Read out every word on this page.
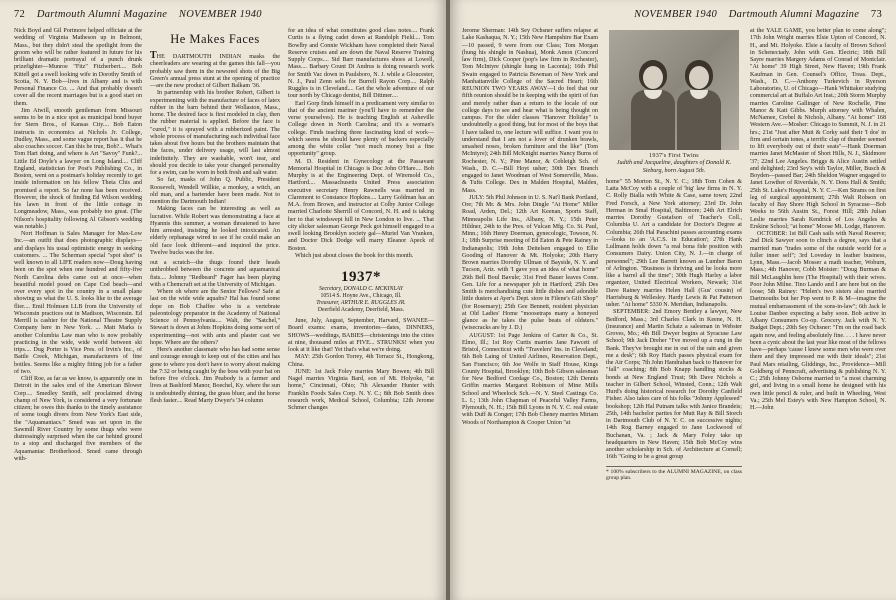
72 Dartmouth Alumni Magazine NOVEMBER 1940

Nick Boyd and Gil Portmore helped officiate at the wedding of Virginia Matheson up in Belmont, Mass., but they didn't steal the spotlight from the groom who will be rather featured in future for his brilliant dramatic portrayal of a punch drunk prizefighter—Munroe "Fitz" Fitzherbert.... Bob Kittell got a swell looking wife in Dorothy Smith of Scotia, N. Y. Bob—lives in Albany and is with Personal Finance Co. ... And that probably doesn't cover all the recent marriages but is a good start on them.

Jim Atwill, smooth gentleman from Missouri seems to be in a nice spot as municipal bond buyer for Stern Bros., of Kansas City.... Bob Eaton instructs in economics at Nichols Jr. College, Dudley, Mass., and some vague report has it that he also coaches soccer. Can this be true, Bob?... What's Tom Hart doing, and where is Art "Savoy" Funk?... Little Ed Doyle's a lawyer on Long Island.... Cliff England, statistician for Post's Publishing Co., in Boston, went on a postman's holiday recently to get inside information on his fellow Theta Chis and promised a report. So far none has been received. However, the shock of finding Ed Wilson wedding his lawn in front of the little cottage in Longmeadow, Mass., was probably too great. (The Nilson's hospitality following Al Gibson's wedding was notable.)

Nort Hoffman is Sales Manager for Max-Low Inc.—an outfit that does photographic displays—and displays his usual optimistic energy in seeking customers. ... The Scherman special "spot shot" is well known to all LIFE readers now—Doug having been on the spot when one hundred and fifty-five North Carolina debs came out at once—when beautiful model posed on Cape Cod beach—and over every spot in the country in a small plane showing us what the U. S. looks like to the average flier.... Emil Holmsen LLB from the University of Wisconsin practices out in Madison, Wisconsin. Ed Merrill is cashier for the National Theatre Supply Company here in New York. ... Matt Marks is another Columbia Law man who is now probably practicing in the wide, wide world between ski trips.... Dug Porter is Vice Pres. of Irvin's Inc., of Battle Creek, Michigan, manufacturers of fine bottles. Seems like a mighty fitting job for a father of two.

Cliff Roe, as far as we know, is apparently one in Detroit in the sales end of the American Blower Corp.... Smedley Smith, self proclaimed diving champ of New York, is considered a very fortunate citizen; he owes this thanks to the timely assistance of some tough divers from New York's East side, the "Aquamaniacs." Smed was set upon in the Sawmill River Country by some thugs who were distressingly surprised when the car behind ground to a stop and discharged five members of the Aquamaniac Brotherhood. Smed came through with-

He Makes Faces

THE DARTMOUTH INDIAN masks the cheerleaders are wearing at the games this fall—you probably saw them in the newsreel shots of the Big Green's annual press stunt at the opening of practice—are the new product of Gilbert Balkam '36.

In partnership with his brother Robert, Gilbert is experimenting with the manufacture of faces of latex rubber in the barn behind their Wollaston, Mass., home. The desired face is first modeled in clay, then the rubber material is applied. Before the face is "cured," it is sprayed with a rubberized paint. The whole process of manufacturing each individual face takes about five hours but the brothers maintain that the faces, under delivery usage, will last almost indefinitely. They are washable, won't tear, and should you decide to take your changed personality for a swim, can be worn in both fresh and salt water.

So far, masks of John Q. Public, President Roosevelt, Wendell Willkie, a monkey, a witch, an old man, and a bartender have been made. Not to mention the Dartmouth Indian!

Making faces can be interesting as well as lucrative. While Robert was demonstrating a face at Hyannis this summer, a woman threatened to have him arrested, insisting he looked intoxicated. An elderly orphanage wired to see if he could make an old face look different—and inquired the price. Twelve bucks was the fee.

out a scratch—the thugs found their heads unthrobbed between the concrete and aquamanical fists.... Johnny "Redbeard" Fager has been playing with a Chemcraft set at the University of Michigan.

Where oh where are the Senior Fellows? Safe at last on the wide wide aquafrs? Hal has found some dope on Bob Chaffee who is a vertebrate paleontology preparator in the Academy of National Science of Pennsylvania.... Walt, the "Satchel," Stewart is down at Johns Hopkins doing some sort of experimenting—not with ants and plaster cast we hope. Where are the others?

Here's another classmate who has had some sense and courage enough to keep out of the cities and has gone to where you don't have to worry about making the 7:32 or being caught by the boss with your hat on before five o'clock. Jim Peabody is a farmer and lives at Bashford Manor, Boechel, Ky. where the sun is undoubtedly shining, the grass bluer, and the horse flesh faster.... Read Marty Dwyer's '34 column

for an idea of what constitutes good class notes.... Frank Curtis is a flying cadet down at Randolph Field.... Tom Bowlby and Connie Wickham have completed their Naval Reserve cruises and are down the Naval Reserve Training Supply Corps.... Sid Barr manufactures shoes at Lowell, Mass.... Barbary Count Di Andrus is doing research work for Smith Vac down in Paulsboro, N. J. while a Gloucester, N. J., Paul Zenn sells for Burrell Rayon Corp.... Ralph Ruggles is in Cleveland.... Get the whole adventure of our tour north by Chicago dentist, Bill Dittmer....

Earl Gorp finds himself in a predicament very similar to that of the ancient mariner (you'll have to remember the verse yourselves). He is teaching English at Asheville College down in North Carolina; and it's a woman's college. Finds teaching three fascinating kind of work—which seems he should have plenty of backers especially among the white collar "not much money but a fine opportunity" group.

M. D. Resident in Gynecology at the Passavant Memorial Hospital in Chicago is Doc John O'Hare.... Bob Murphy is at the Engineering Dept. of Wiremold Co., Hartford.... Massachusetts United Press association executive secretary Henry Rawnells was married in Claremont to Constance Hopkins.... Larry Goldman has an M.A. from Brown, and instructor at Colby Junior College married Charlotte Sherrill of Concord, N. H. and is taking her to that windswept hill in New London to live. ... That city slicker salesman George Peck got himself engaged to a swell looking Brooklyn society gal—Muriel Van Vranken, and Doctor Dick Dodge will marry Eleanor Apeck of Boston.

Which just about closes the book for this month.

1937*
Secretary, DONALD C. MCKINLAY
10514 S. Hoyne Ave., Chicago, Ill.
Treasurer, ARTHUR E. RUGGLES JR.
Deerfield Academy, Deerfield, Mass.

June, July, August, September, Harvard, SWANEE—Board exams: exams, inventories—dates, DINNERS, SHOWS—weddings, BABIES—christenings into the cities at nine, thousand miles at FIVE... STRUNKS! when you look at it like that! Yet that's what we're doing.

MAY: 25th Gordon Torrey, 4th Terrace St., Hongkong, China.

JUNE: 1st Jack Foley marries Mary Bowen; 4th Bill Nagel marries Virginia Bard, son of Mt. Holyoke, "at home," Cincinnati, Ohio; 7th Alexander Hunter with Franklin Foods Sales Corp. N. Y. C.; 8th Bob Smith does research work, Medical School, Columbia; 12th Jerome Schmer changes

NOVEMBER 1940 Dartmouth Alumni Magazine 73

Jerome Sherman: 14th Sey Ochsner suffers relapse at Lake Kashaqua, N. Y.; 15th New Hampshire Bar Exam—10 passed, 9 were from our Class; Tom Morgan (hung his shingle in Nashua), Monk Amon (Concord law firm), Dick Cooper (pop's law firm in Rochester), Tom McIntyre (shingle hung in Laconia); 16th Phil Swain engaged to Patricia Bowman of New York and Manhattanville College of the Sacred Heart; 16th REUNION TWO YEARS AWAY—I do feel that our fifth reunion should be in keeping with the spirit of fun and merely rather than a return to the locale of our college days to see and hear what is being thought on campus. For the older classes "Hanover Holiday" is undoubtedly a good thing, but for most of the boys that I have talked to, one lecture will suffice. I want you to understand that I am not a lover of drunken brawls, smashed noses, broken furniture and the like" (Tom McIntyre); 24th Bill McKnight marries Nancy Burns of Rochester, N. Y.; Pine Manor, & Cobleigh Sch. of Wash., D. C.—Bill Hoyt usher; 30th Dex Branch engaged to Janet Woodman of West Somerville, Mass. & Tufts College. Dex in Malden Hospital, Malden, Mass.

JULY: 5th Phil Johnson in U. S. Nat'l Bank Portland, Ore; 7th Mr. & Mrs. John Dingle "At Home" Miller Road, Arden, Del.; 12th Art Keenan, Sports Staff, Minneapolis Life Ins., Albany, N. Y.; 15th Peter Hildner, 24th to the Pres. of Vulcan Mfg. Co. St. Paul, Minn.; 16th Henry Doerman, gynecologic, Towson, N. J.; 18th Surprise meeting of Ed Eaton & Pete Rainey in Indianapolis; 19th John Deitelsen engaged to Ellie Gooding of Hanover & Mt. Holyoke; 20th Harry Brown marries Dorothy Ullman of Bayside, N. Y. and Tucson, Ariz. with 'I gave you an idea of what home" 26th Bell Boul Bavule; 31st Fred Bauer leaves Conn. Gen. Life for a newspaper job in Hartford; 25th Des Smith is merchandising cute little dishes and adorable little dusters at Ayer's Dept. store in Filene's Gift Shop" (for Rosemary); 25th Gee Bennett, resident physician at Old Ladies' Home "moosetraps many a honeyed glance as he takes the pulse beats of oldsters." (wisecracks are by J. D.)

AUGUST: 1st Page Jenkins of Carter & Co., St. Elmo, Ill.; 1st Roy Curtis marries Jane Fawcett of Bristol, Connecticut with "Travelers' Ins. in Cleveland; 6th Bob Laing of United Airlines, Reservation Dept., San Francisco; 6th Joe Wolfe in Staff House, Kings County Hospital, Brooklyn; 10th Bob Gibson salesman for New Bedford Cordage Co., Boston; 12th Dennis Griffin marries Margaret Robinson of Mine Mills School and Wheelock Sch.—N. Y. Steel Castings Co. L. I.; 13th John Chapman of Peaceful Valley Farms, Plymouth, N. H.; 15th Bill Lyons in N. Y. C. real estate with Duff & Conger; 17th Bob Cheney marries Miriam Woods of Northampton & Cooper Union "at

1937's First Twins
Judith and Jacqueline, daughters of Donald K. Sieburg, born August 5th.

home" 55 Morton St., N. Y. C.; 18th Tom Cohen & Latta McCoy with a couple of 'big' law firms in N. Y. C. Rolly Bialla with White & Case, same town; 22nd Fred Forsch, a New York attorney; 23rd Dr. John Herman in Smal Hospital, Baltimore; 24th Art Elrich marries Dorothy Gustafson of Teacher's Coll., Columbia U. Art a candidate for Doctor's Degree at Columbia; 26th Hal Parachini passes accounting exams—looks to an 'A.C.S. in Education'; 27th Hank Lullmann holds down "a real bona fide position with Consumers Dairy. Union City, N. J.—in charge of personnel"; 29th Lee Barrett known as Lumber Baron of Arlington. "Business is thriving and he looks more like a barrel all the time"; 30th Hugh Harley a labor organizer, United Electrical Workers, Newark; 31st Dave Rainey marries Helen Hall (Gus' cousin) of Harrisburg & Wellesley. Hardy Lewis & Pat Patterson usher. "At home" 5330 N. Meridian, Indianapolis.

SEPTEMBER: 2nd Emory Bentley a lawyer, New Bedford, Mass.; 3rd Charles Clark in Keene, N. H. (insurance) and Martin Schatz a salesman in Webster Groves, Mo.; 4th Bill Dwyer begins at Syracuse Law School; 9th Jack Dreher "I've moved up a rung in the Bank. They've brought me in out of the rain and given me a desk"; 6th Roy Hatch passes physical exam for the Air Corps; 7th John Handrahan back to Hanover for "fall" coaching; 8th Bob Knapp handling stocks & bonds at New England Trust; 9th Dave Nichols a teacher in Gilbert School, Winsted, Conn.; 12th Walt Hurd's doing historical research for Dorothy Canfield Fisher. Also takes care of his folks "Johnny Appleseed" bookshop; 12th Hal Putnam talks with Janice Brandeis; 25th, 14th bachelor parties for Mutt Ray & Bill Storch in Dartmouth Club of N. Y. C. on successive nights; 14th Rog Barney engaged to Jane Lockwood of Buchanan, Va. ; Jack & Mary Foley take up headquarters in New Haven; 15th Bob McCoy wins another scholarship in Sch. of Architecture at Cornell; 16th "Going to be a great group

* 100% subscribers to the ALUMNI MAGAZINE, on class group plan.

at the YALE GAME, you better plan to come along"; 17th John Wright marries Elsie Upton of Concord, N. H., and Mt. Holyoke. Elsie a faculty of Brown School in Schenectady. John with Gen. Electric; 18th Bill Sayre marries Margery Adams of Conrad of Montclair. "At home" 39 High Street, New Haven; 19th Frank Kaufman in Gen. Counsel's Office, Treas. Dept., Wash., D. C.—Anthony Turkevich in Ryerson Laboratories, U. of Chicago—Hank Whittaker studying commercial art at Buffalo Art Inst.; 20th Storm Murphy marries Caroline Gallinger of New Rochelle, Pine Manor & Katt Gibbs. Murph attorney with Whalen, McNamee, Crebel & Nichols, Albany. "At home" 168 Western Ave.—Mosher: Chicago to Summit, N. J. in 21 hrs.; 21st "Just after Mutt & Corky said their 'I dos' in firm and certain tones, a terrific clap of thunder seemed to lift everybody out of their seats"—Hank Doerman marries Janet McMaster of Short Hills, N. J., Skidmore '37; 22nd Lee Angeles. Briggs & Alice Austin settled and delighted; 23rd Sey's with Taylor, Miller, Busch & Boyden—passed Bar; 24th Sheldon Wagner engaged to Janet Lowther of Riverdale, N. Y. Dons Hall & Smith; 25th St. Luke's Hospital, N. Y. C.—Ken Strams on first leg of surgical appointment; 27th Walt Robson on faculty of Bay Shore High School in Syracuse—Bob Weeks to 56th Austin St., Forest Hill; 28th Julian Leslie marries Sarah Kendrick of Los Angeles & Erskine School; "at home" Moose Mt. Lodge, Hanover.

OCTOBER: 1st Bill Cash sails with Naval Reserve; 2nd Dick Sawyer soon to clinch a degree, says that a married man "trades some of the outside world for a fuller inner self"; 3rd Loveday in leather business, Lynn, Mass.—Jacob Mosser a math teacher, Woburn, Mass.; 4th Hanover, Cobb Moister: "Doug Burman & Bill McLaughlin here (The Hospital) with their wives. Poor John Milne. Tino Lando and I are here but on the loose; 5th Rainey: "Helen's two sisters also married Dartmouths but her Pop went to P. & M—imagine the mutual embarrassment of the sons-in-law"; 6th Jack le Louise Danbee expecting a baby soon. Bob active in Albany Consumers Co-op. Grocery. Jack with N. Y. Budget Dept.; 20th Sey Ochsner: "I'm on the road back again now, and feeling absolutely fine. . . . I have never been a cynic about the last year like most of the fellows have—perhaps 'cause I knew some men who were over there and they impressed me with their ideals"; 21st Paul Mars retailing, Gliddings, Inc., Providence—Mill Goldberg of Penncraft, advertising & publishing N. Y. C.; 25th Johnny Osborne married to "a most charming girl, and living in a small home he designed with his own little pencil & ruler, and built in Wheeling, West Va.; 25th Mel Estey's with New Hampton School, N. H.—John
